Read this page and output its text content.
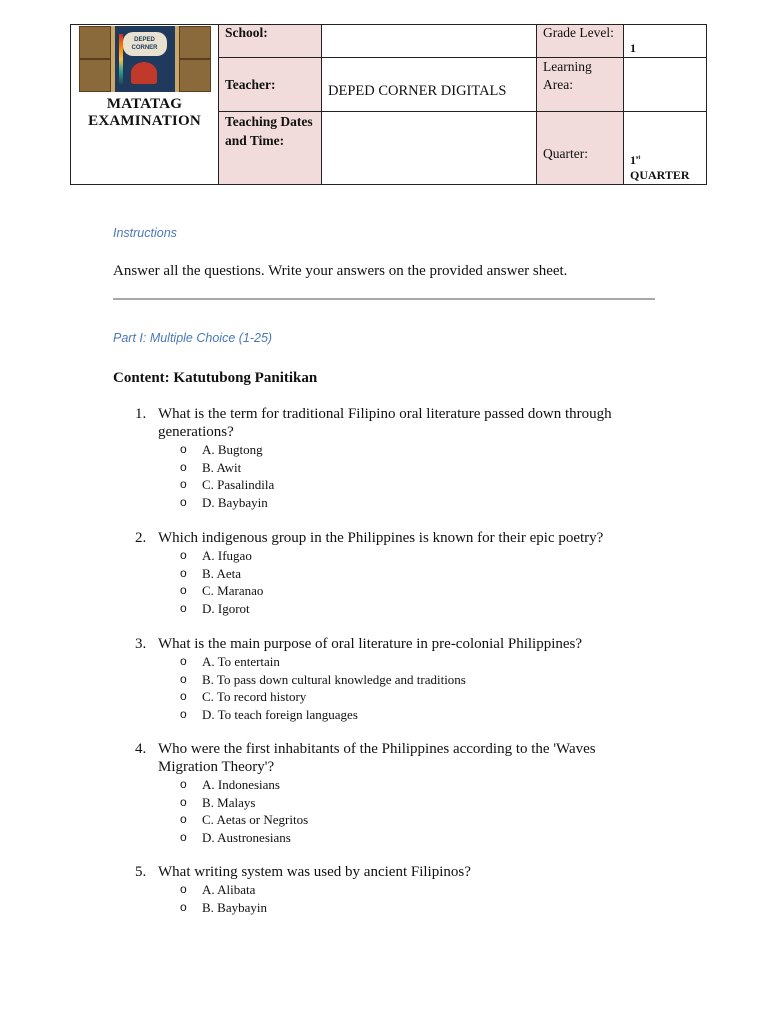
DEPED CORNER
MATATAG
EXAMINATION	School:		Grade Level:	1
	Teacher:	DEPED CORNER DIGITALS	Learning Area:	
	Teaching Dates and Time:		Quarter:	1st
QUARTER
Instructions
Answer all the questions. Write your answers on the provided answer sheet.
Part I: Multiple Choice (1-25)
Content: Katutubong Panitikan
1. What is the term for traditional Filipino oral literature passed down through generations?
o A. Bugtong
o B. Awit
o C. Pasalindila
o D. Baybayin
2. Which indigenous group in the Philippines is known for their epic poetry?
o A. Ifugao
o B. Aeta
o C. Maranao
o D. Igorot
3. What is the main purpose of oral literature in pre-colonial Philippines?
o A. To entertain
o B. To pass down cultural knowledge and traditions
o C. To record history
o D. To teach foreign languages
4. Who were the first inhabitants of the Philippines according to the 'Waves Migration Theory'?
o A. Indonesians
o B. Malays
o C. Aetas or Negritos
o D. Austronesians
5. What writing system was used by ancient Filipinos?
o A. Alibata
o B. Baybayin
